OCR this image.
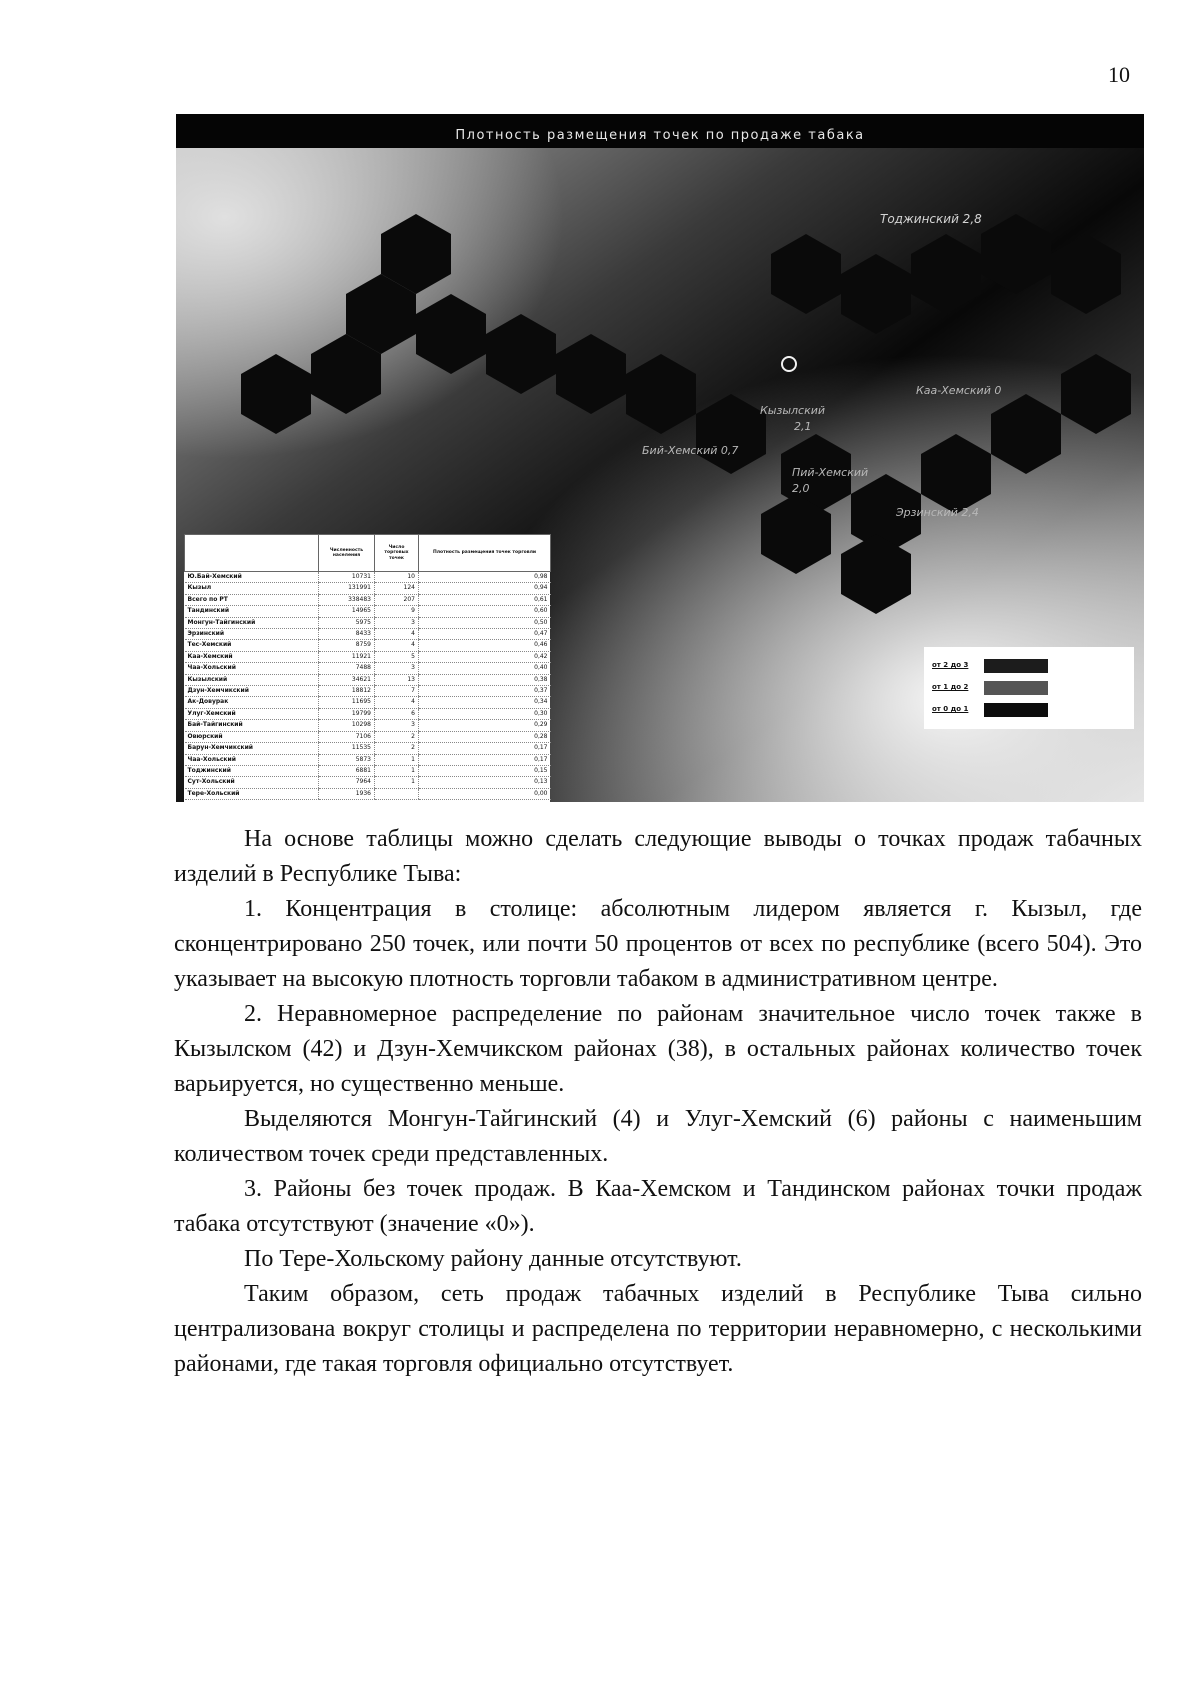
10
Плотность размещения точек по продаже табака
Тоджинский 2,8
Каа-Хемский 0
Кызылский
2,1
Бий-Хемский 0,7
Пий-Хемский
2,0
Эрзинский 2,4
	Численность населения	Число торговых точек	Плотность размещения точек торговли
Ю.Бай-Хемский	10731	10	0,98
Кызыл	131991	124	0,94
Всего по РТ	338483	207	0,61
Тандинский	14965	9	0,60
Монгун-Тайгинский	5975	3	0,50
Эрзинский	8433	4	0,47
Тес-Хемский	8759	4	0,46
Каа-Хемский	11921	5	0,42
Чаа-Хольский	7488	3	0,40
Кызылский	34621	13	0,38
Дзун-Хемчикский	18812	7	0,37
Ак-Довурак	11695	4	0,34
Улуг-Хемский	19799	6	0,30
Бай-Тайгинский	10298	3	0,29
Овюрский	7106	2	0,28
Барун-Хемчикский	11535	2	0,17
Чаа-Хольский	5873	1	0,17
Тоджинский	6881	1	0,15
Сут-Хольский	7964	1	0,13
Тере-Хольский	1936		0,00
от 2 до 3
от 1 до 2
от 0 до 1

На основе таблицы можно сделать следующие выводы о точках продаж табачных изделий в Республике Тыва:

1. Концентрация в столице: абсолютным лидером является г. Кызыл, где сконцентрировано 250 точек, или почти 50 процентов от всех по республике (всего 504). Это указывает на высокую плотность торговли табаком в административном центре.

2. Неравномерное распределение по районам значительное число точек также в Кызылском (42) и Дзун-Хемчикском районах (38), в остальных районах количество точек варьируется, но существенно меньше.

Выделяются Монгун-Тайгинский (4) и Улуг-Хемский (6) районы с наименьшим количеством точек среди представленных.

3. Районы без точек продаж. В Каа-Хемском и Тандинском районах точки продаж табака отсутствуют (значение «0»).

По Тере-Хольскому району данные отсутствуют.

Таким образом, сеть продаж табачных изделий в Республике Тыва сильно централизована вокруг столицы и распределена по территории неравномерно, с несколькими районами, где такая торговля официально отсутствует.
